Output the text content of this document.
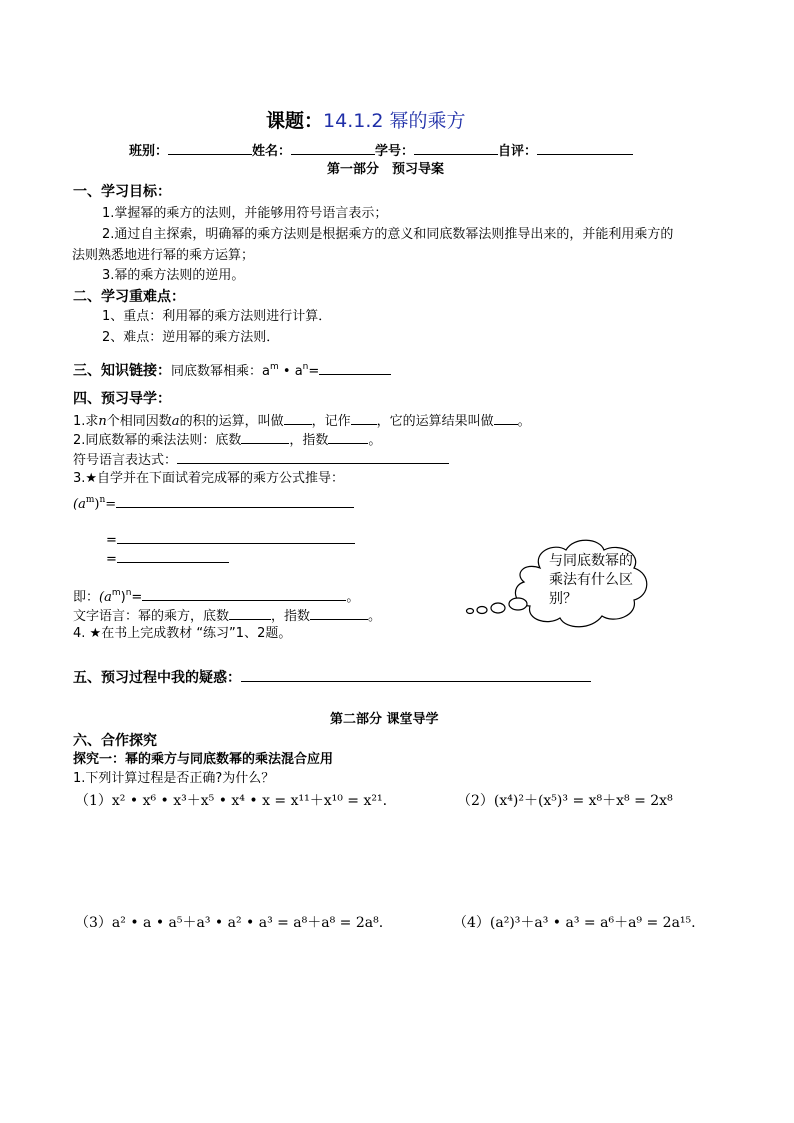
课题：14.1.2 幂的乘方
班别：	姓名：	学号：	自评：
第一部分　预习导案
一、学习目标：
1.掌握幂的乘方的法则，并能够用符号语言表示；
2.通过自主探索，明确幂的乘方法则是根据乘方的意义和同底数幂法则推导出来的，并能利用乘方的
法则熟悉地进行幂的乘方运算；
3.幂的乘方法则的逆用。
二、学习重难点：
1、重点：利用幂的乘方法则进行计算．
2、难点：逆用幂的乘方法则．
三、知识链接：同底数幂相乘：$a^m$ • $a^n=$
四、预习导学：
1.求n个相同因数a的积的运算，叫做 ，记作 ，它的运算结果叫做 。
2.同底数幂的乘法法则：底数	，指数	。
符号语言表达式：
3.★自学并在下面试着完成幂的乘方公式推导：
$(a^m)^n=$
=
=
即：$(a^m)^n=$	。
文字语言：幂的乘方，底数	，指数	。
4. ★在书上完成教材 “练习”1、2题。
与同底数幂的乘法有什么区别？
五、预习过程中我的疑惑：
第二部分 课堂导学
六、合作探究
探究一：幂的乘方与同底数幂的乘法混合应用
1.下列计算过程是否正确?为什么？
（1）x² • x⁶ • x³＋x⁵ • x⁴ • x = x¹¹＋x¹⁰ = x²¹.	（2）(x⁴)²＋(x⁵)³ = x⁸＋x⁸ = 2x⁸
（3）a² • a • a⁵＋a³ • a² • a³ = a⁸＋a⁸ = 2a⁸.	（4）(a²)³＋a³ • a³ = a⁶＋a⁹ = 2a¹⁵.
